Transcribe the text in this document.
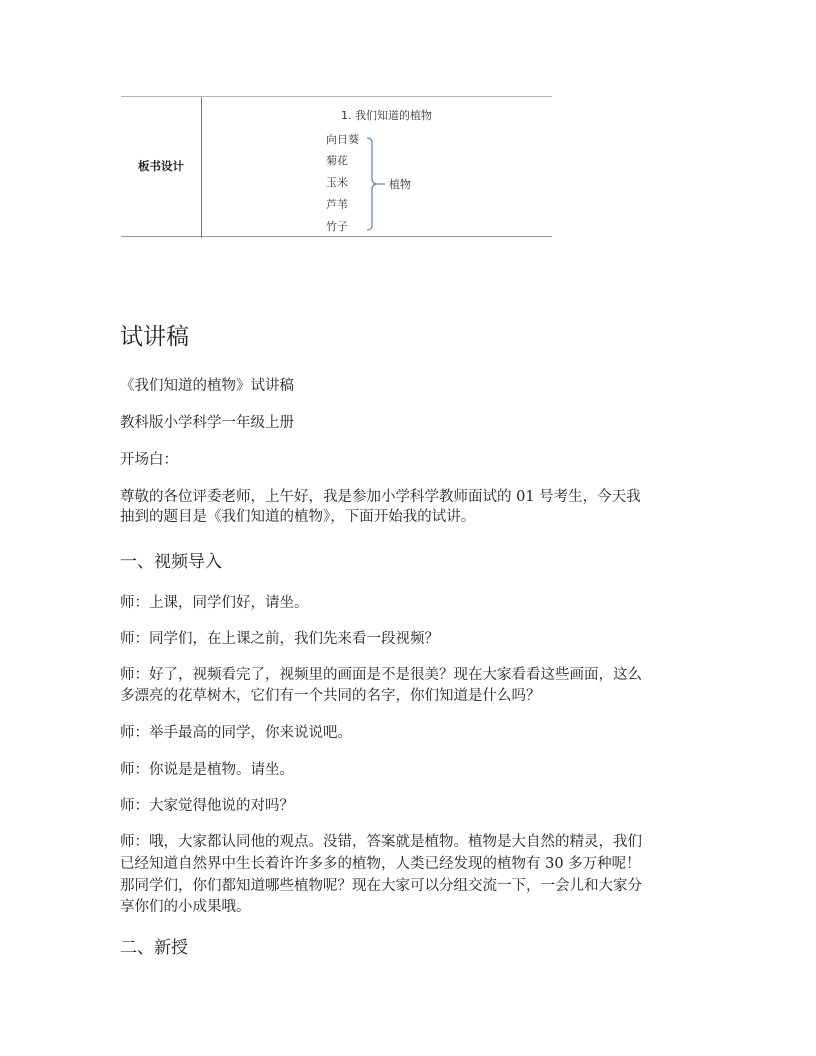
板书设计
1. 我们知道的植物
向日葵
菊花
玉米
芦苇
竹子
植物
试讲稿

《我们知道的植物》试讲稿

教科版小学科学一年级上册

开场白：

尊敬的各位评委老师，上午好，我是参加小学科学教师面试的 01 号考生，今天我

抽到的题目是《我们知道的植物》，下面开始我的试讲。

一、视频导入

师：上课，同学们好，请坐。

师：同学们，在上课之前，我们先来看一段视频？

师：好了，视频看完了，视频里的画面是不是很美？现在大家看看这些画面，这么

多漂亮的花草树木，它们有一个共同的名字，你们知道是什么吗？

师：举手最高的同学，你来说说吧。

师：你说是是植物。请坐。

师：大家觉得他说的对吗？

师：哦，大家都认同他的观点。没错，答案就是植物。植物是大自然的精灵，我们

已经知道自然界中生长着许许多多的植物，人类已经发现的植物有 30 多万种呢！

那同学们，你们都知道哪些植物呢？现在大家可以分组交流一下，一会儿和大家分

享你们的小成果哦。

二、新授
